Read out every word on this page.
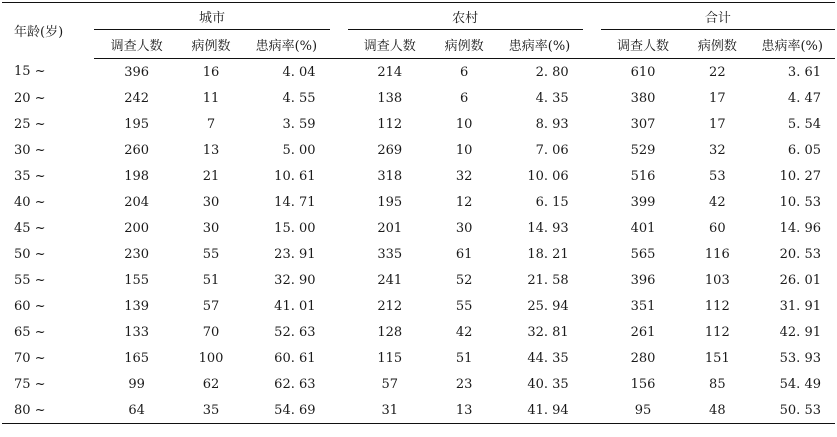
年龄(岁)	城市				农村				合计		
	调查人数	病例数	患病率(%)		调查人数	病例数	患病率(%)		调查人数	病例数	患病率(%)
15 ~	396	16	4. 04		214	6	2. 80		610	22	3. 61
20 ~	242	11	4. 55		138	6	4. 35		380	17	4. 47
25 ~	195	7	3. 59		112	10	8. 93		307	17	5. 54
30 ~	260	13	5. 00		269	10	7. 06		529	32	6. 05
35 ~	198	21	10. 61		318	32	10. 06		516	53	10. 27
40 ~	204	30	14. 71		195	12	6. 15		399	42	10. 53
45 ~	200	30	15. 00		201	30	14. 93		401	60	14. 96
50 ~	230	55	23. 91		335	61	18. 21		565	116	20. 53
55 ~	155	51	32. 90		241	52	21. 58		396	103	26. 01
60 ~	139	57	41. 01		212	55	25. 94		351	112	31. 91
65 ~	133	70	52. 63		128	42	32. 81		261	112	42. 91
70 ~	165	100	60. 61		115	51	44. 35		280	151	53. 93
75 ~	99	62	62. 63		57	23	40. 35		156	85	54. 49
80 ~	64	35	54. 69		31	13	41. 94		95	48	50. 53
